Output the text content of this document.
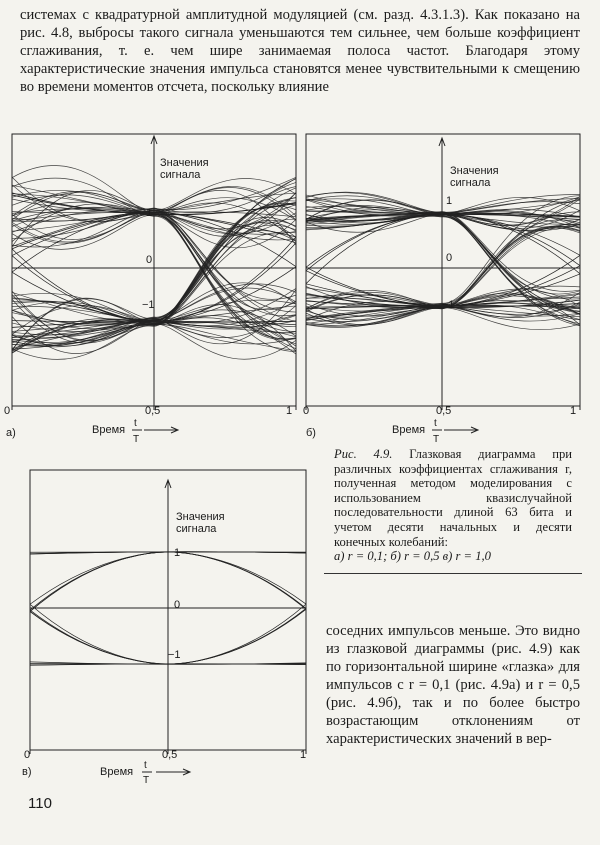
системах с квадратурной амплитудной модуляцией (см. разд. 4.3.1.3). Как показано на рис. 4.8, выбросы такого сигнала уменьшаются тем сильнее, чем больше коэффициент сглаживания, т. е. чем шире занимаемая полоса частот. Благодаря этому характеристические значения импульса становятся менее чувствительными к смещению во времени моментов отсчета, поскольку влияние

Значения
сигнала
1
0
−1
0	0,5	1
а)	Время
t
T
Значения
сигнала
1
0
−1
0	0,5	1
б)	Время
t
T
Значения
сигнала
1
0
−1
0	0,5	1
в)	Время
t
T

Рис. 4.9. Глазковая диаграмма при различных коэффициентах сглаживания r, полученная методом моделирования с использованием квазислучайной последовательности длиной 63 бита и учетом десяти начальных и десяти конечных колебаний:

а) r = 0,1; б) r = 0,5 в) r = 1,0

соседних импульсов меньше. Это видно из глазковой диаграммы (рис. 4.9) как по горизонтальной ширине «глазка» для импульсов с r = 0,1 (рис. 4.9а) и r = 0,5 (рис. 4.9б), так и по более быстро возрастающим отклонениям от характеристических значений в вер-

110
